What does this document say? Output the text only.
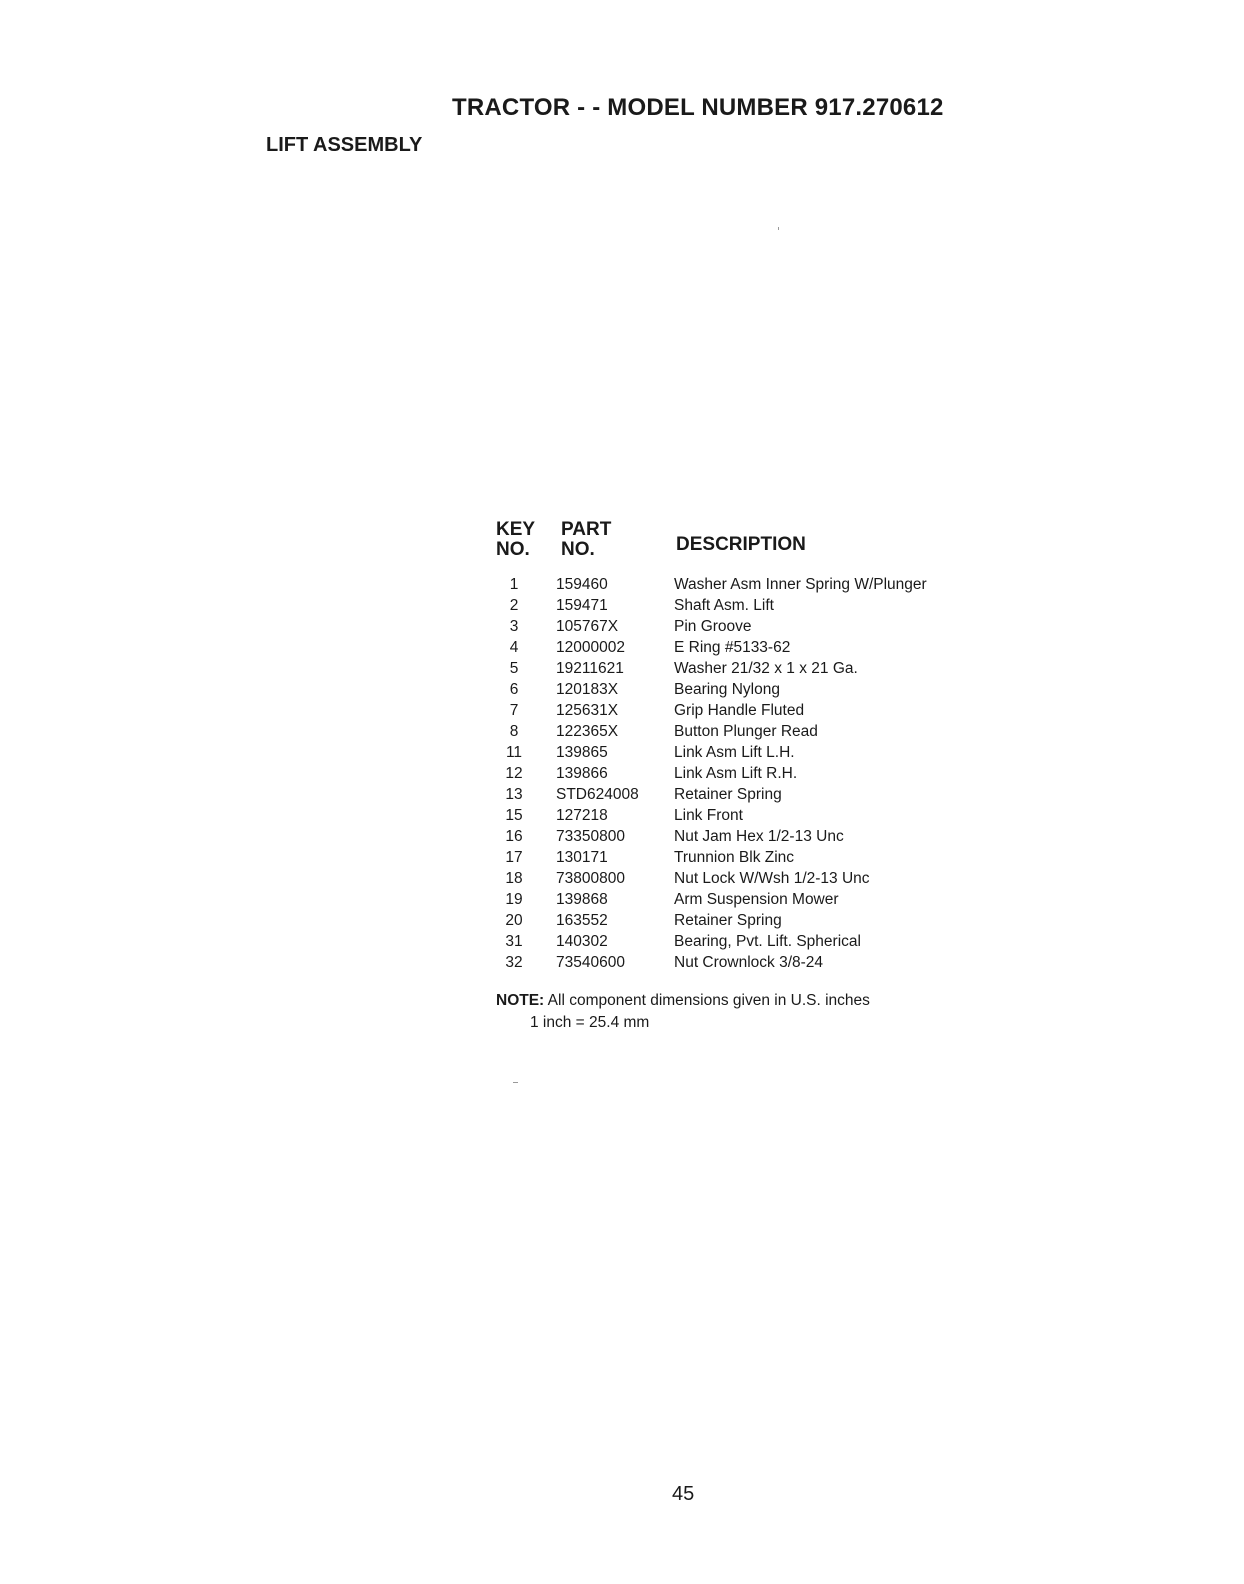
TRACTOR - - MODEL NUMBER 917.270612
LIFT ASSEMBLY
KEY
NO.
PART
NO.	DESCRIPTION
1	159460	Washer Asm Inner Spring W/Plunger
2	159471	Shaft Asm. Lift
3	105767X	Pin Groove
4	12000002	E Ring #5133-62
5	19211621	Washer 21/32 x 1 x 21 Ga.
6	120183X	Bearing Nylong
7	125631X	Grip Handle Fluted
8	122365X	Button Plunger Read
11	139865	Link Asm Lift L.H.
12	139866	Link Asm Lift R.H.
13	STD624008 Retainer Spring
15	127218	Link Front
16	73350800	Nut Jam Hex 1/2-13 Unc
17	130171	Trunnion Blk Zinc
18	73800800	Nut Lock W/Wsh 1/2-13 Unc
19	139868	Arm Suspension Mower
20	163552	Retainer Spring
31	140302	Bearing, Pvt. Lift. Spherical
32	73540600	Nut Crownlock 3/8-24
NOTE: All component dimensions given in U.S. inches
1 inch = 25.4 mm
45
